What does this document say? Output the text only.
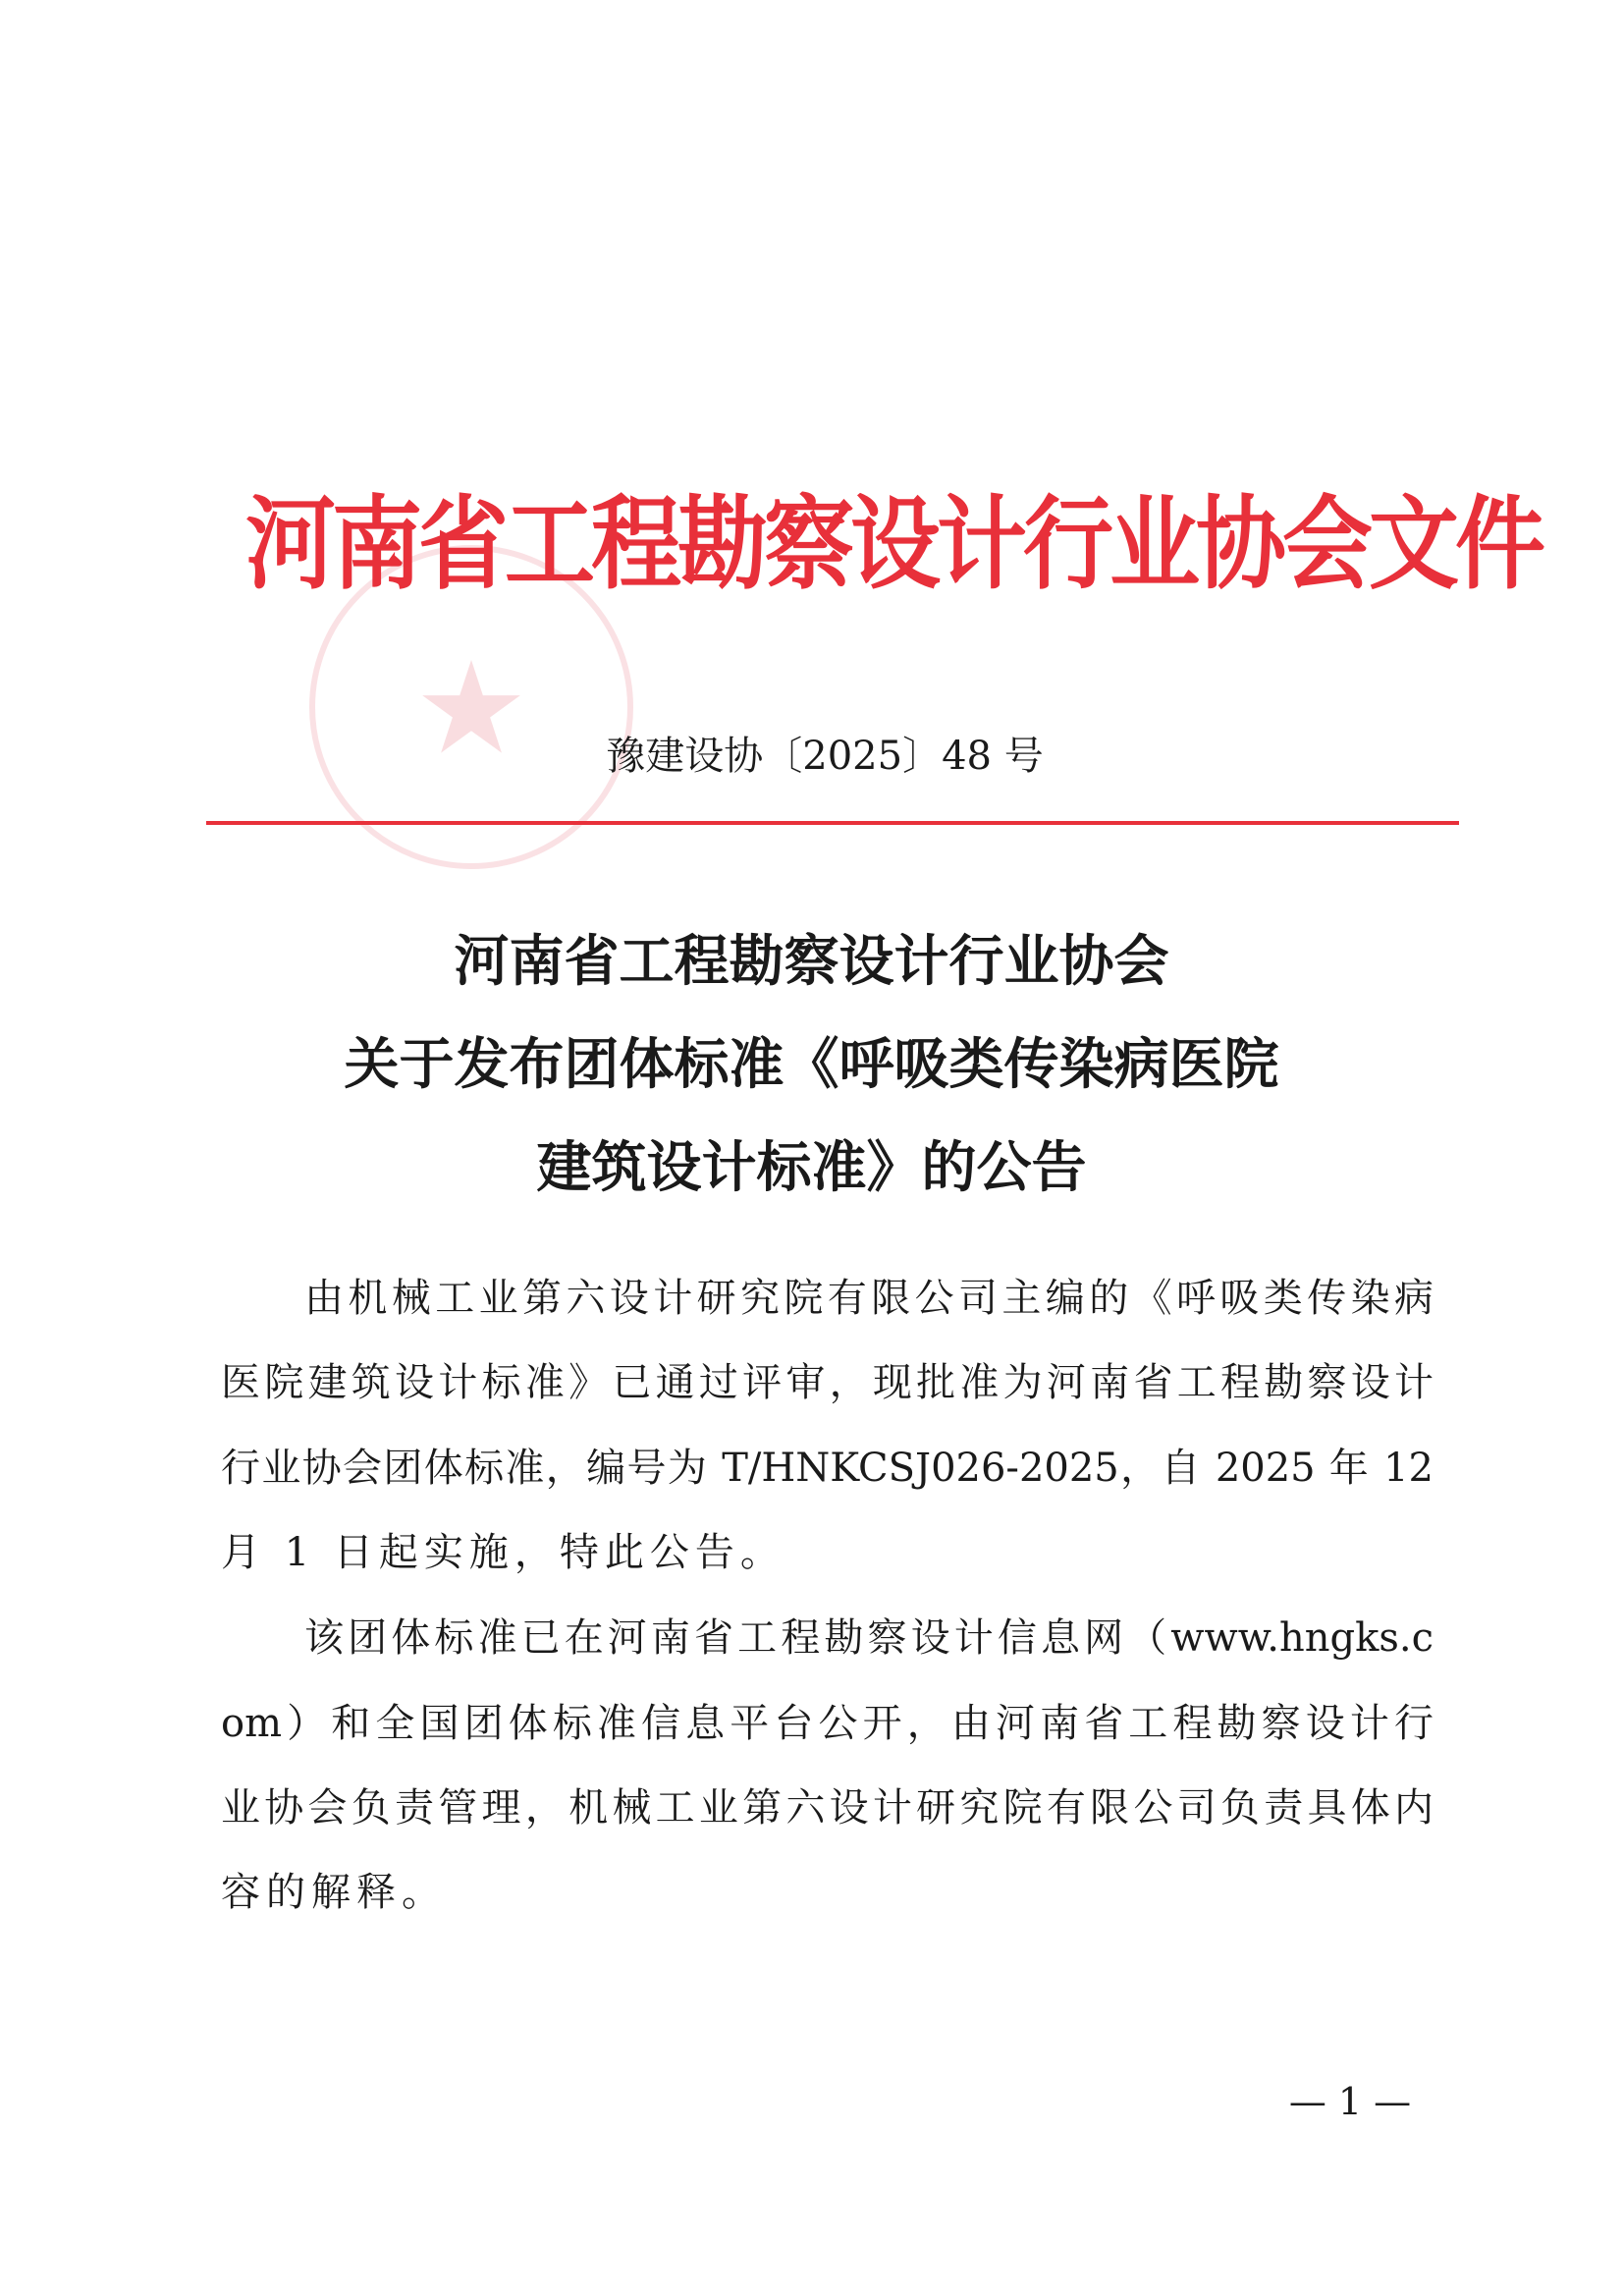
★
河南省工程勘察设计行业协会文件
豫建设协〔2025〕48 号
河南省工程勘察设计行业协会
关于发布团体标准《呼吸类传染病医院
建筑设计标准》的公告
由机械工业第六设计研究院有限公司主编的《呼吸类传染病
医院建筑设计标准》已通过评审，现批准为河南省工程勘察设计
行业协会团体标准，编号为 T/HNKCSJ026-2025，自 2025 年 12
月 1 日起实施，特此公告。
该团体标准已在河南省工程勘察设计信息网（www.hngks.c
om）和全国团体标准信息平台公开，由河南省工程勘察设计行
业协会负责管理，机械工业第六设计研究院有限公司负责具体内
容的解释。
— 1 —
